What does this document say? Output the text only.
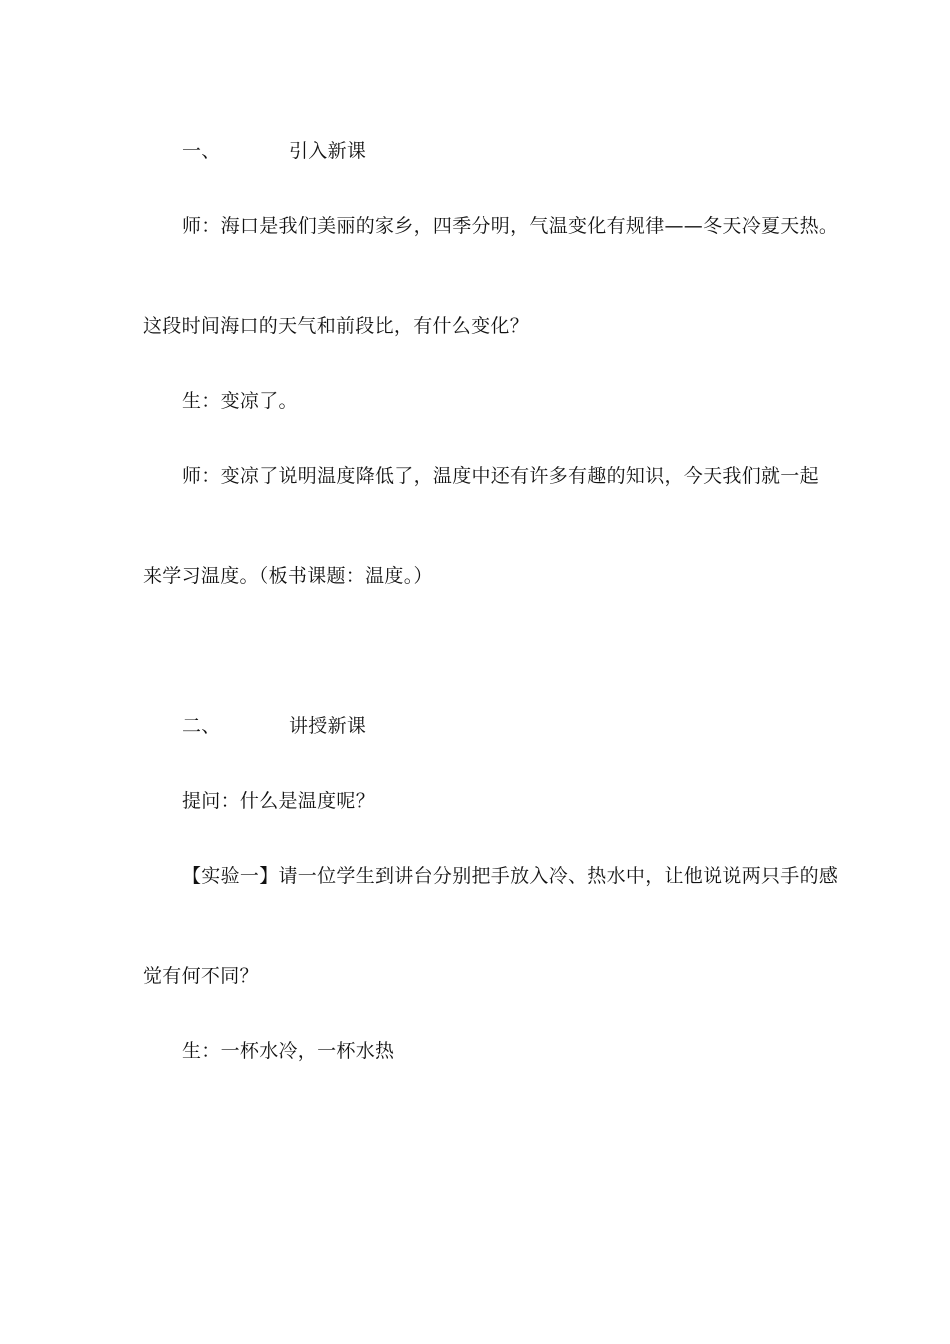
一、	引入新课
师：海口是我们美丽的家乡，四季分明，气温变化有规律——冬天冷夏天热。
这段时间海口的天气和前段比，有什么变化？
生：变凉了。
师：变凉了说明温度降低了，温度中还有许多有趣的知识，今天我们就一起
来学习温度。（板书课题：温度。）
二、	讲授新课
提问：什么是温度呢？
【实验一】请一位学生到讲台分别把手放入冷、热水中，让他说说两只手的感
觉有何不同？
生：一杯水冷，一杯水热
